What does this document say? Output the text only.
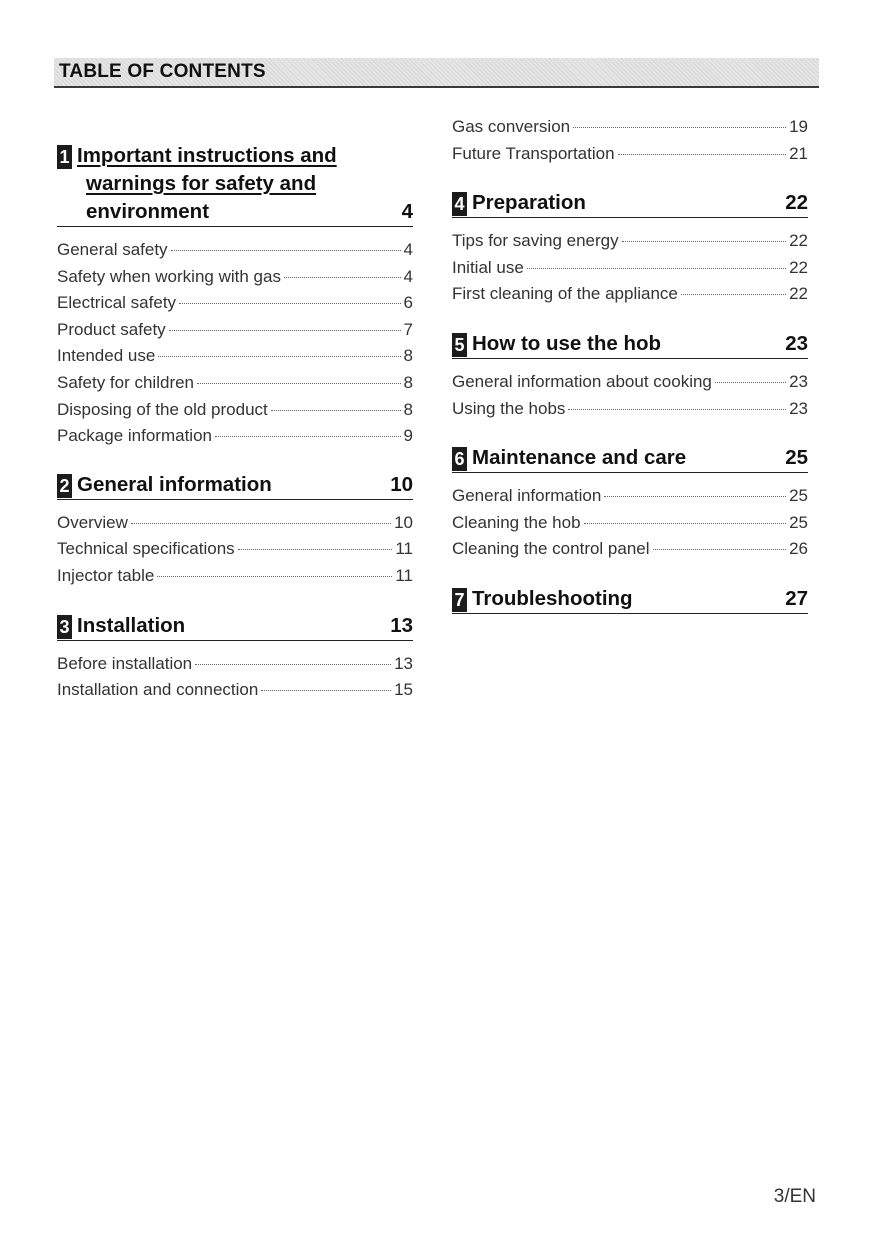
TABLE OF CONTENTS
1 Important instructions and
warnings for safety and
environment	4
General safety	4
Safety when working with gas	4
Electrical safety	6
Product safety	7
Intended use	8
Safety for children	8
Disposing of the old product	8
Package information	9
2 General information	10
Overview	10
Technical specifications	11
Injector table	11
3 Installation	13
Before installation	13
Installation and connection	15
Gas conversion	19
Future Transportation	21
4 Preparation	22
Tips for saving energy	22
Initial use	22
First cleaning of the appliance	22
5 How to use the hob	23
General information about cooking	23
Using the hobs	23
6 Maintenance and care	25
General information	25
Cleaning the hob	25
Cleaning the control panel	26
7 Troubleshooting	27
3/EN
